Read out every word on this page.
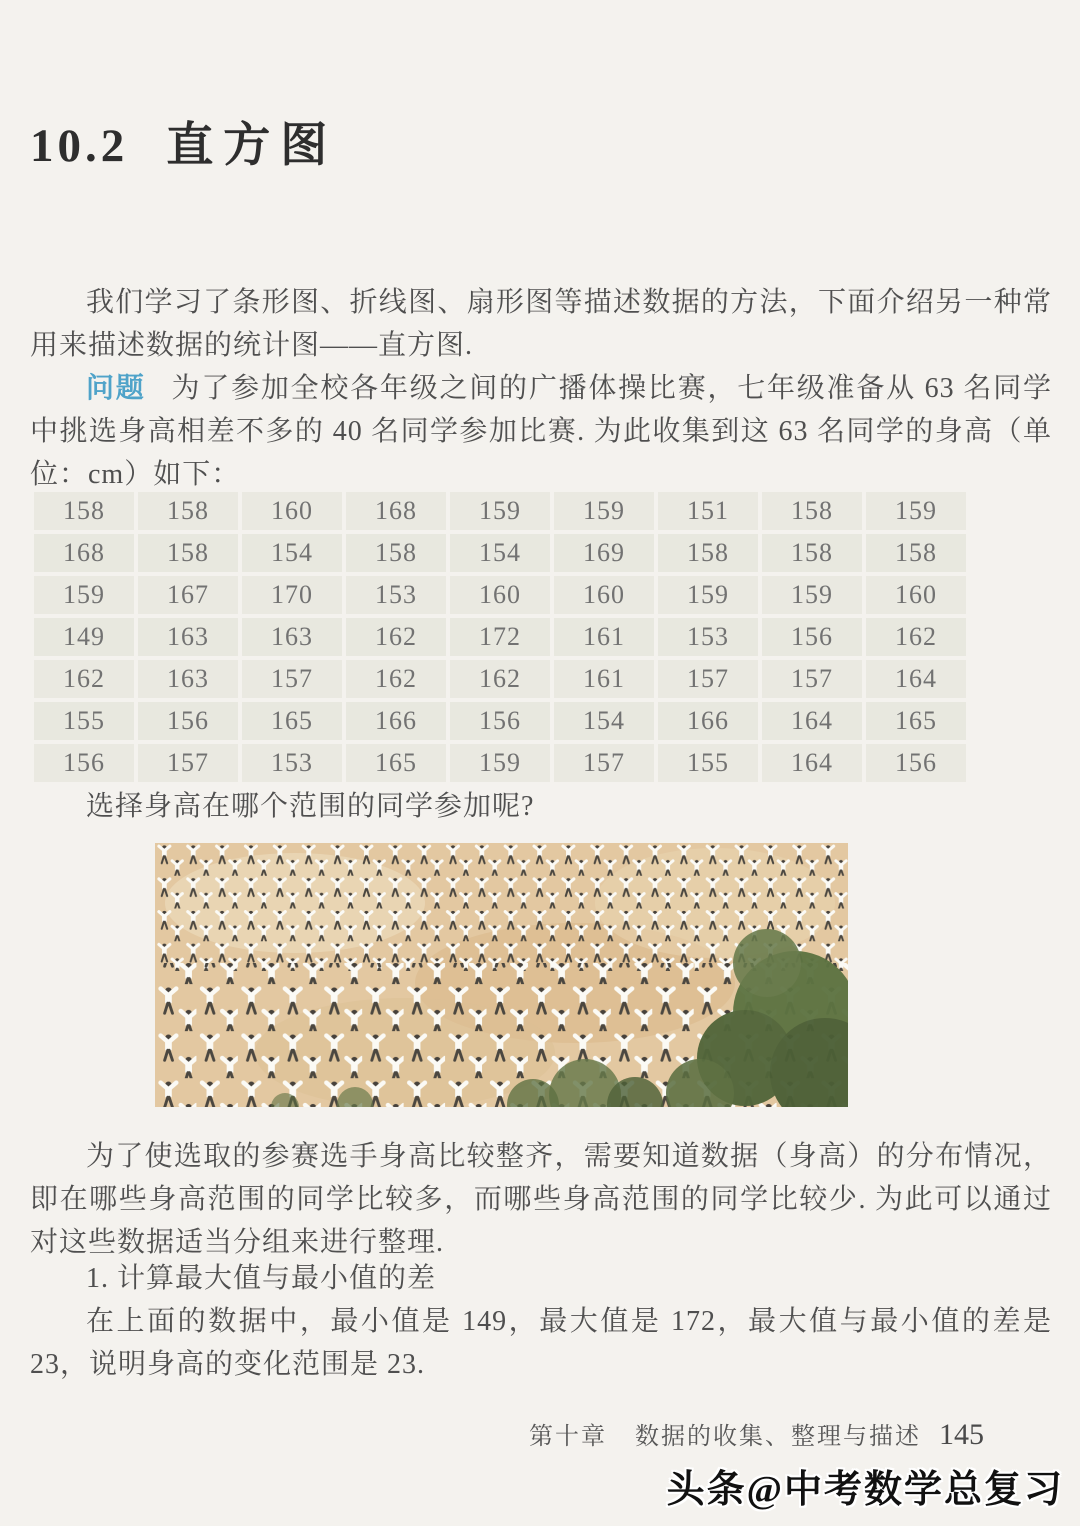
10.2 直方图

我们学习了条形图、折线图、扇形图等描述数据的方法，下面介绍另一种常用来描述数据的统计图——直方图.

问题 为了参加全校各年级之间的广播体操比赛，七年级准备从 63 名同学中挑选身高相差不多的 40 名同学参加比赛. 为此收集到这 63 名同学的身高（单位：cm）如下：

158	158	160	168	159	159	151	158	159
168	158	154	158	154	169	158	158	158
159	167	170	153	160	160	159	159	160
149	163	163	162	172	161	153	156	162
162	163	157	162	162	161	157	157	164
155	156	165	166	156	154	166	164	165
156	157	153	165	159	157	155	164	156

选择身高在哪个范围的同学参加呢?

为了使选取的参赛选手身高比较整齐，需要知道数据（身高）的分布情况，即在哪些身高范围的同学比较多，而哪些身高范围的同学比较少. 为此可以通过对这些数据适当分组来进行整理.

1. 计算最大值与最小值的差

在上面的数据中，最小值是 149，最大值是 172，最大值与最小值的差是 23，说明身高的变化范围是 23.

第十章 数据的收集、整理与描述 145
头条@中考数学总复习
